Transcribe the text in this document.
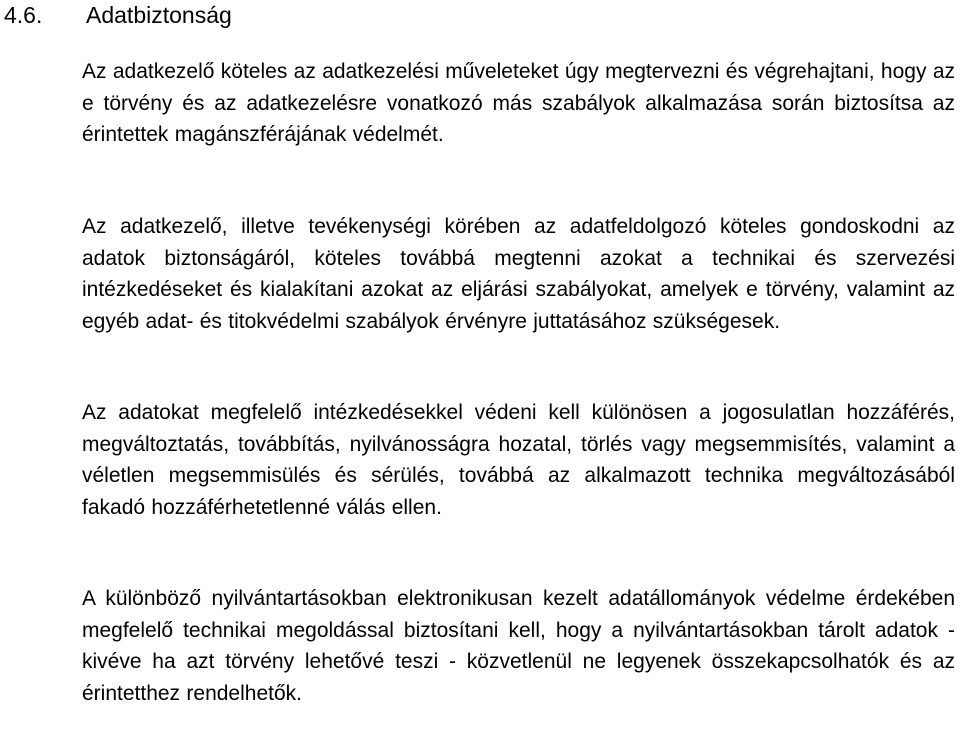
4.6. Adatbiztonság

Az adatkezelő köteles az adatkezelési műveleteket úgy megtervezni és végrehajtani, hogy az e törvény és az adatkezelésre vonatkozó más szabályok alkalmazása során biztosítsa az érintettek magánszférájának védelmét.

Az adatkezelő, illetve tevékenységi körében az adatfeldolgozó köteles gondoskodni az adatok biztonságáról, köteles továbbá megtenni azokat a technikai és szervezési intézkedéseket és kialakítani azokat az eljárási szabályokat, amelyek e törvény, valamint az egyéb adat- és titokvédelmi szabályok érvényre juttatásához szükségesek.

Az adatokat megfelelő intézkedésekkel védeni kell különösen a jogosulatlan hozzáférés, megváltoztatás, továbbítás, nyilvánosságra hozatal, törlés vagy megsemmisítés, valamint a véletlen megsemmisülés és sérülés, továbbá az alkalmazott technika megváltozásából fakadó hozzáférhetetlenné válás ellen.

A különböző nyilvántartásokban elektronikusan kezelt adatállományok védelme érdekében megfelelő technikai megoldással biztosítani kell, hogy a nyilvántartásokban tárolt adatok - kivéve ha azt törvény lehetővé teszi - közvetlenül ne legyenek összekapcsolhatók és az érintetthez rendelhetők.
